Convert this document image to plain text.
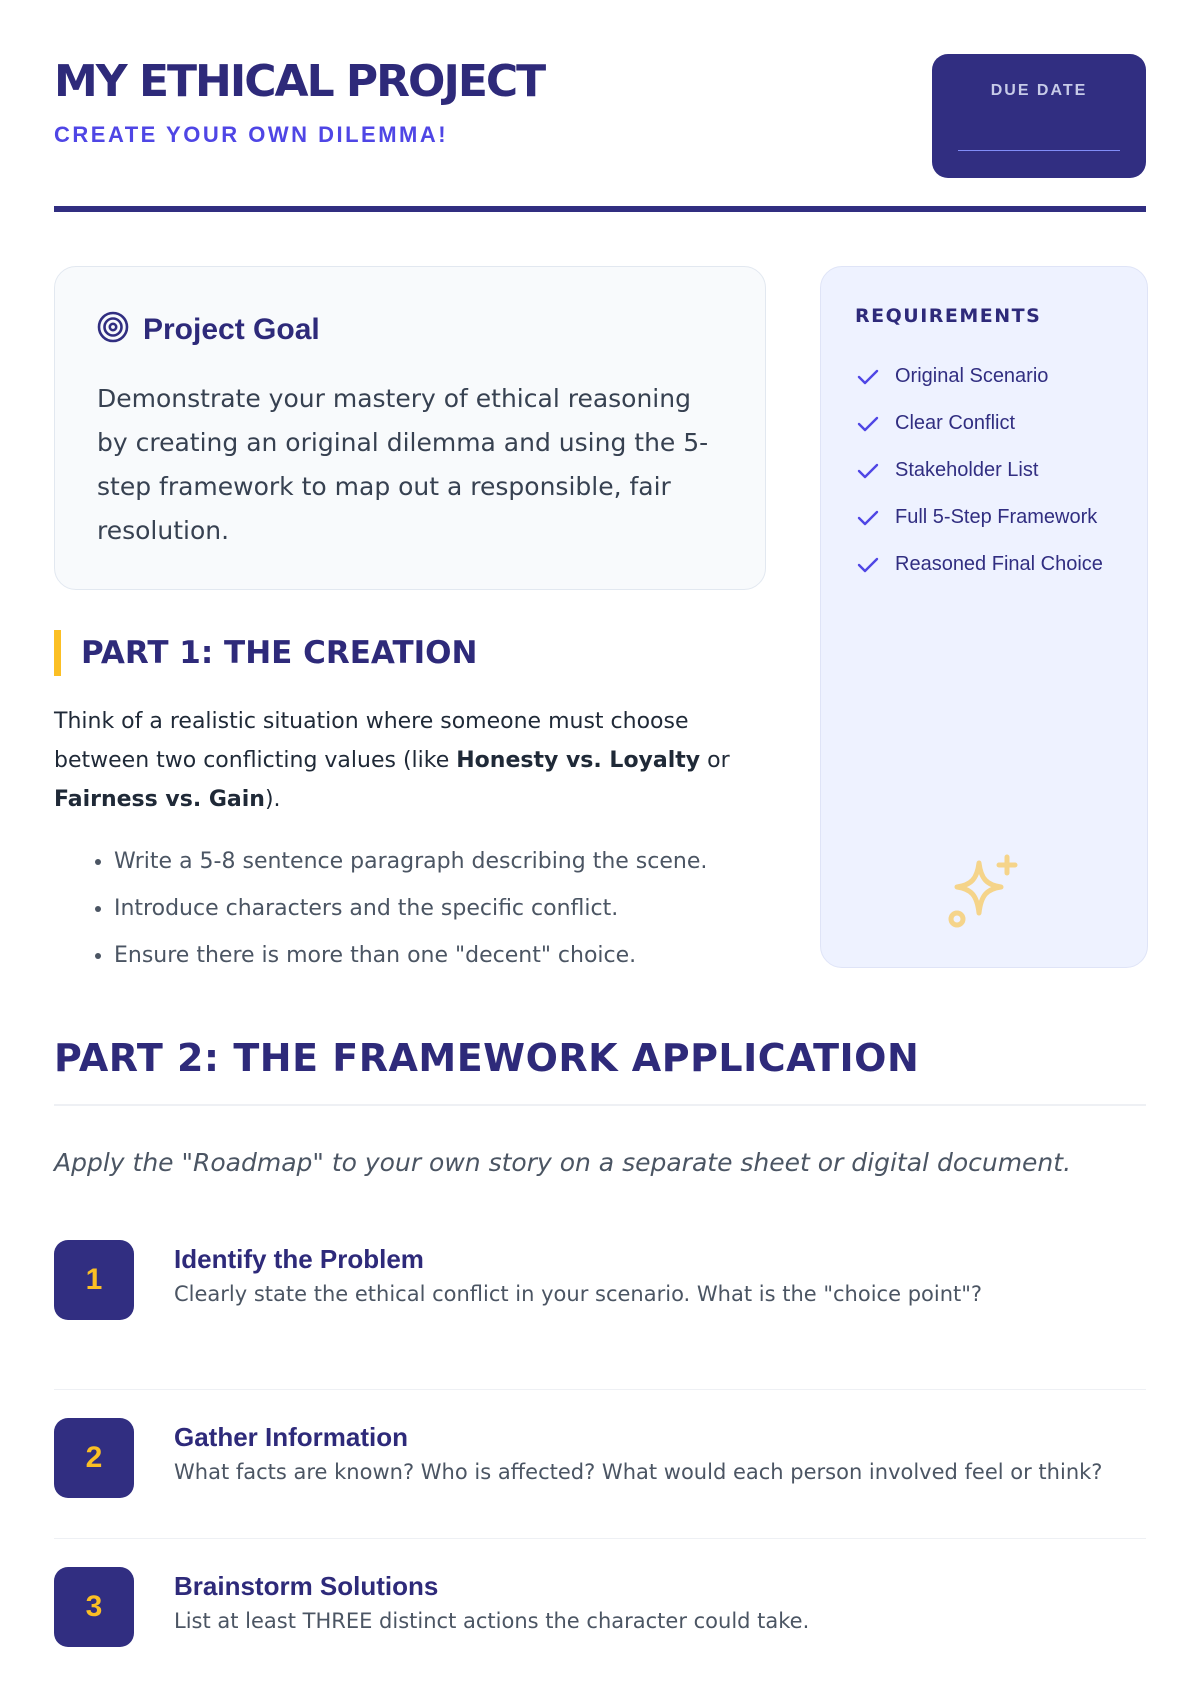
MY ETHICAL PROJECT
CREATE YOUR OWN DILEMMA!
DUE DATE
Project Goal

Demonstrate your mastery of ethical reasoning by creating an original dilemma and using the 5-step framework to map out a responsible, fair resolution.

REQUIREMENTS
Original Scenario
Clear Conflict
Stakeholder List
Full 5-Step Framework
Reasoned Final Choice
PART 1: THE CREATION

Think of a realistic situation where someone must choose between two conflicting values (like Honesty vs. Loyalty or Fairness vs. Gain).

• Write a 5-8 sentence paragraph describing the scene.
• Introduce characters and the specific conflict.
• Ensure there is more than one "decent" choice.
PART 2: THE FRAMEWORK APPLICATION

Apply the "Roadmap" to your own story on a separate sheet or digital document.

1
Identify the Problem
Clearly state the ethical conflict in your scenario. What is the "choice point"?
2
Gather Information
What facts are known? Who is affected? What would each person involved feel or think?
3
Brainstorm Solutions
List at least THREE distinct actions the character could take.
